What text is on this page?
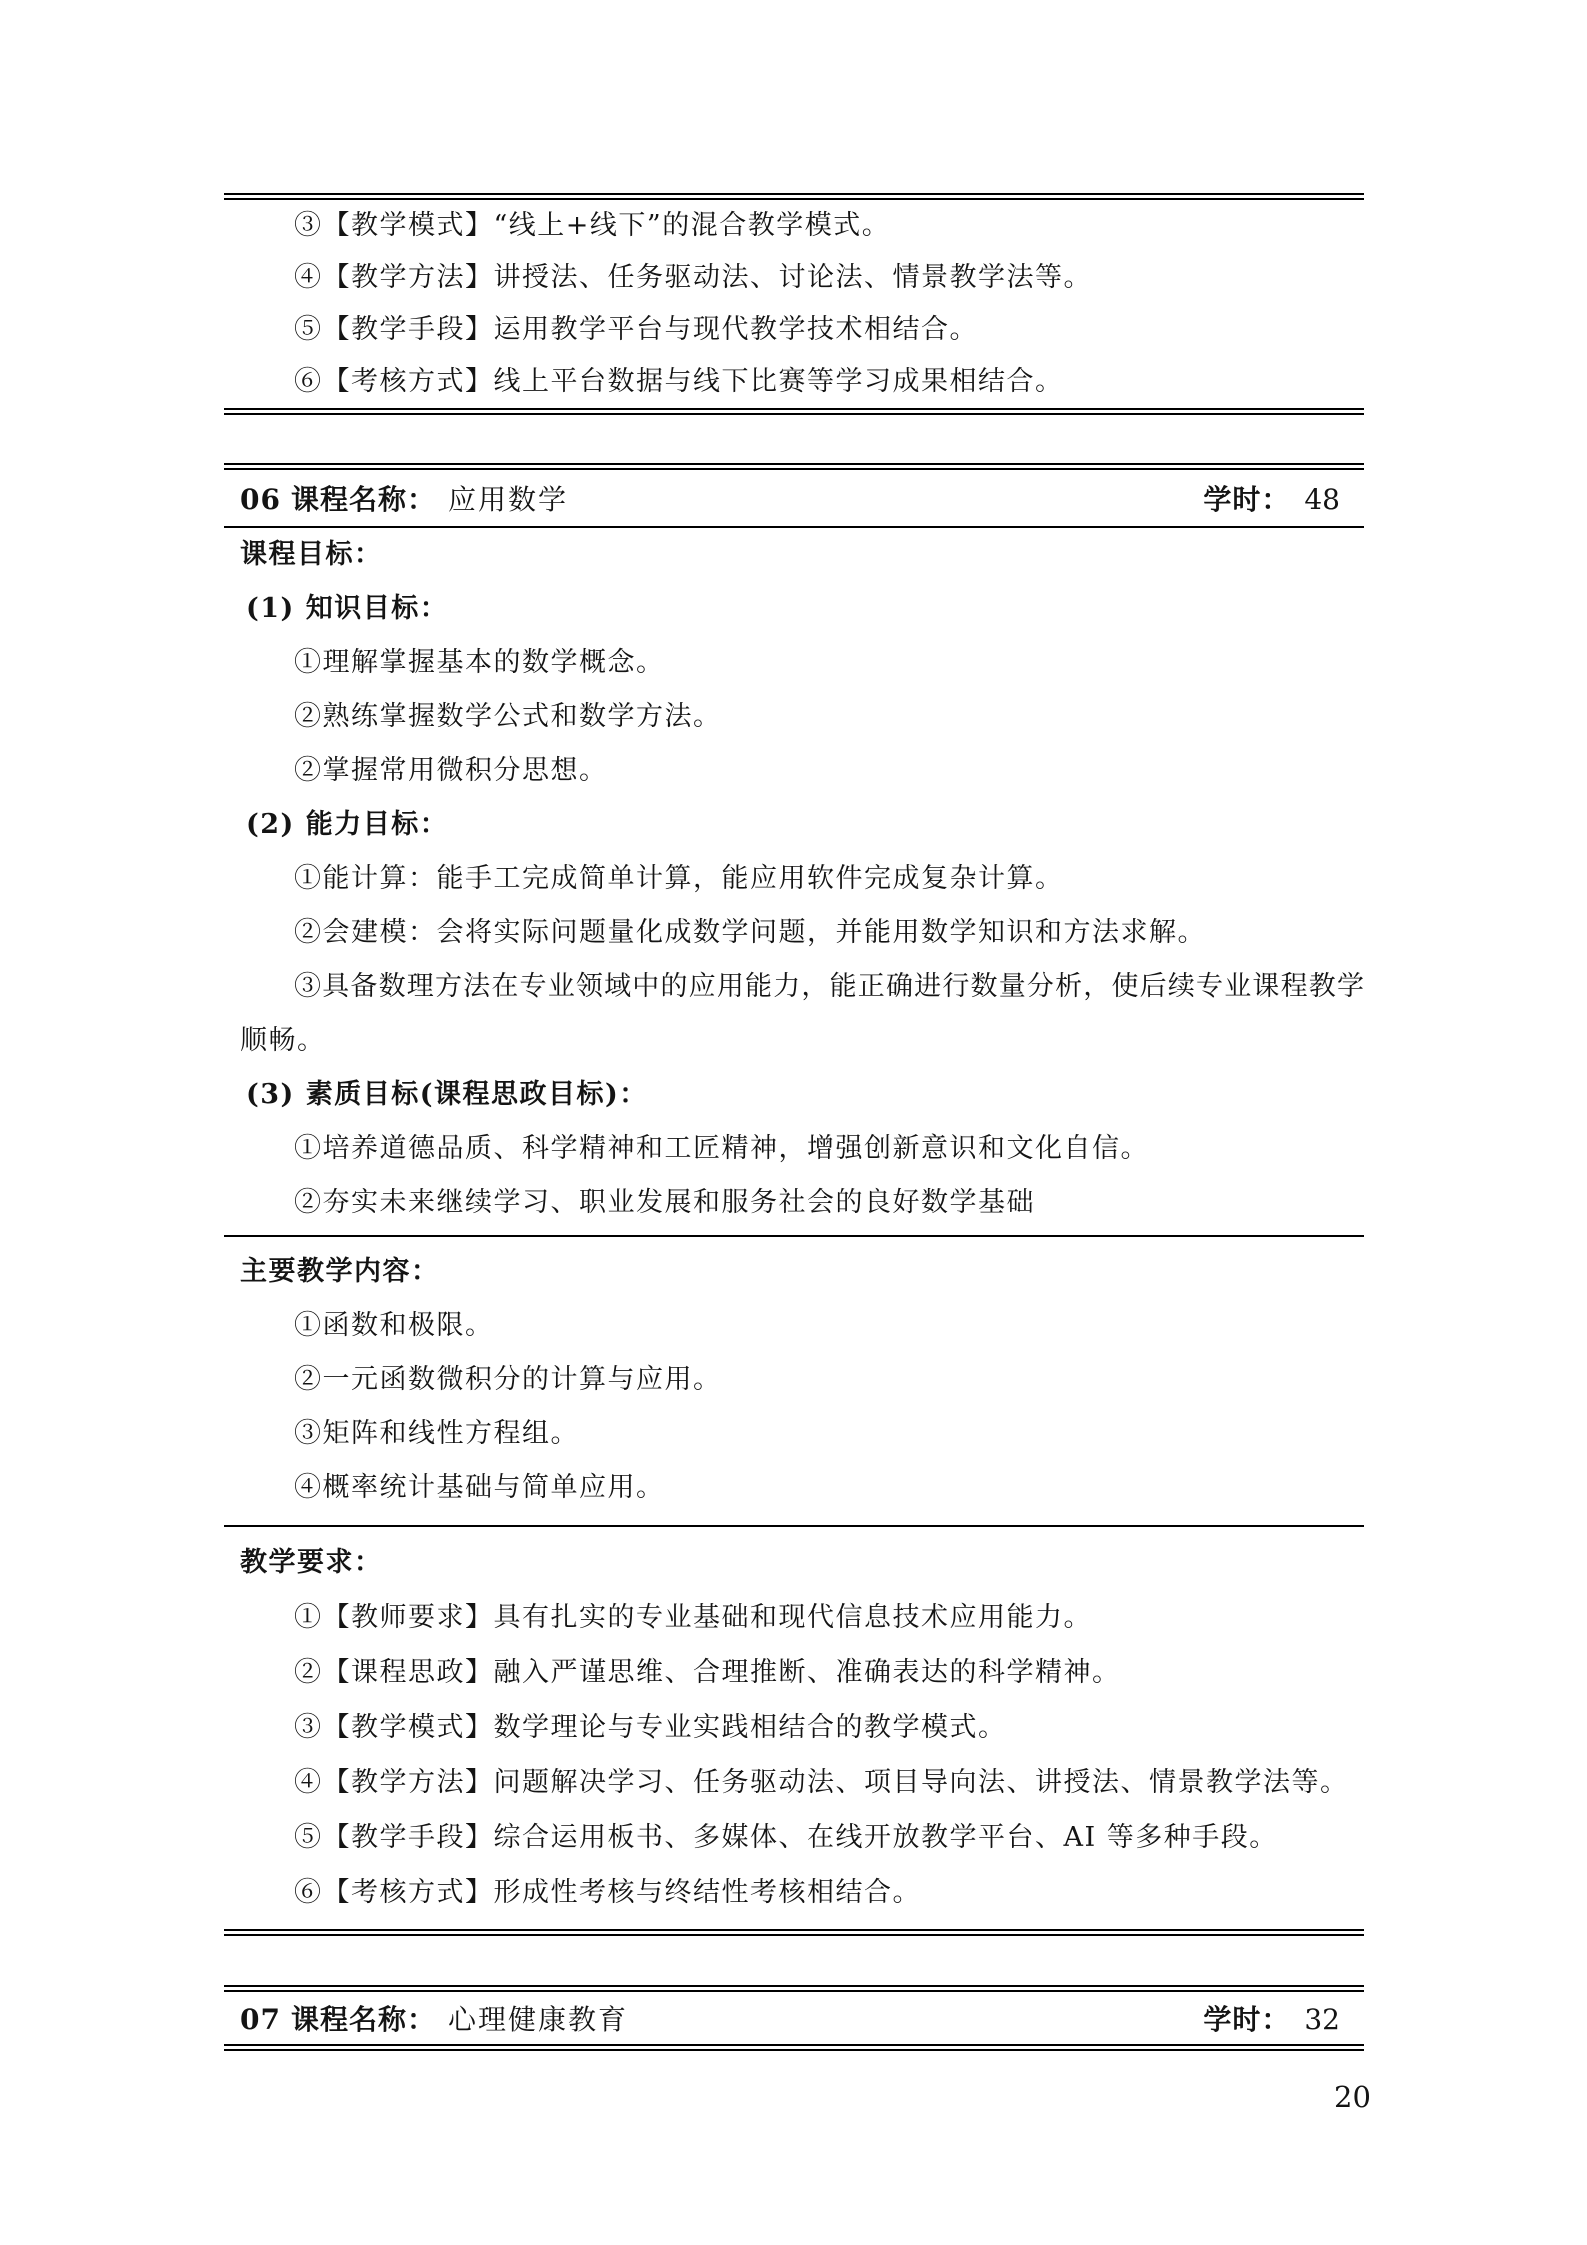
③【教学模式】“线上+线下”的混合教学模式。
④【教学方法】讲授法、任务驱动法、讨论法、情景教学法等。
⑤【教学手段】运用教学平台与现代教学技术相结合。
⑥【考核方式】线上平台数据与线下比赛等学习成果相结合。
06 课程名称： 应用数学	学时： 48
课程目标：
(1) 知识目标：
①理解掌握基本的数学概念。
②熟练掌握数学公式和数学方法。
②掌握常用微积分思想。
(2) 能力目标：
①能计算：能手工完成简单计算，能应用软件完成复杂计算。
②会建模：会将实际问题量化成数学问题，并能用数学知识和方法求解。
③具备数理方法在专业领域中的应用能力，能正确进行数量分析，使后续专业课程教学
顺畅。
(3) 素质目标(课程思政目标)：
①培养道德品质、科学精神和工匠精神，增强创新意识和文化自信。
②夯实未来继续学习、职业发展和服务社会的良好数学基础
主要教学内容：
①函数和极限。
②一元函数微积分的计算与应用。
③矩阵和线性方程组。
④概率统计基础与简单应用。
教学要求：
①【教师要求】具有扎实的专业基础和现代信息技术应用能力。
②【课程思政】融入严谨思维、合理推断、准确表达的科学精神。
③【教学模式】数学理论与专业实践相结合的教学模式。
④【教学方法】问题解决学习、任务驱动法、项目导向法、讲授法、情景教学法等。
⑤【教学手段】综合运用板书、多媒体、在线开放教学平台、AI 等多种手段。
⑥【考核方式】形成性考核与终结性考核相结合。
07 课程名称： 心理健康教育	学时： 32
20
